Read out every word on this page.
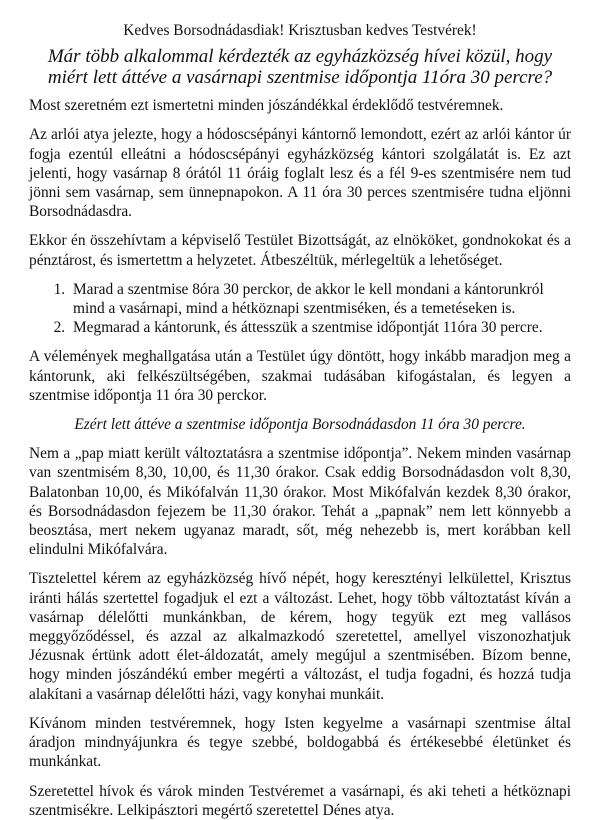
Kedves Borsodnádasdiak! Krisztusban kedves Testvérek!
Már több alkalommal kérdezték az egyházközség hívei közül, hogy miért lett áttéve a vasárnapi szentmise időpontja 11óra 30 percre?

Most szeretném ezt ismertetni minden jószándékkal érdeklődő testvéremnek.

Az arlói atya jelezte, hogy a hódoscsépányi kántornő lemondott, ezért az arlói kántor úr fogja ezentúl elleátni a hódoscsépányi egyházközség kántori szolgálatát is. Ez azt jelenti, hogy vasárnap 8 órától 11 óráig foglalt lesz és a fél 9-es szentmisére nem tud jönni sem vasárnap, sem ünnepnapokon. A 11 óra 30 perces szentmisére tudna eljönni Borsodnádasdra.

Ekkor én összehívtam a képviselő Testület Bizottságát, az elnököket, gondnokokat és a pénztárost, és ismertettm a helyzetet. Átbeszéltük, mérlegeltük a lehetőséget.

1. Marad a szentmise 8óra 30 perckor, de akkor le kell mondani a kántorunkról mind a vasárnapi, mind a hétköznapi szentmiséken, és a temetéseken is.
2. Megmarad a kántorunk, és áttesszük a szentmise időpontját 11óra 30 percre.

A vélemények meghallgatása után a Testület úgy döntött, hogy inkább maradjon meg a kántorunk, aki felkészültségében, szakmai tudásában kifogástalan, és legyen a szentmise időpontja 11 óra 30 perckor.

Ezért lett áttéve a szentmise időpontja Borsodnádasdon 11 óra 30 percre.

Nem a „pap miatt került változtatásra a szentmise időpontja”. Nekem minden vasárnap van szentmisém 8,30, 10,00, és 11,30 órakor. Csak eddig Borsodnádasdon volt 8,30, Balatonban 10,00, és Mikófalván 11,30 órakor. Most Mikófalván kezdek 8,30 órakor, és Borsodnádasdon fejezem be 11,30 órakor. Tehát a „papnak” nem lett könnyebb a beosztása, mert nekem ugyanaz maradt, sőt, még nehezebb is, mert korábban kell elindulni Mikófalvára.

Tisztelettel kérem az egyházközség hívő népét, hogy keresztényi lelkülettel, Krisztus iránti hálás szertettel fogadjuk el ezt a változást. Lehet, hogy több változtatást kíván a vasárnap délelőtti munkánkban, de kérem, hogy tegyük ezt meg vallásos meggyőződéssel, és azzal az alkalmazkodó szeretettel, amellyel viszonozhatjuk Jézusnak értünk adott élet-áldozatát, amely megújul a szentmisében. Bízom benne, hogy minden jószándékú ember megérti a változást, el tudja fogadni, és hozzá tudja alakítani a vasárnap délelőtti házi, vagy konyhai munkáit.

Kívánom minden testvéremnek, hogy Isten kegyelme a vasárnapi szentmise által áradjon mindnyájunkra és tegye szebbé, boldogabbá és értékesebbé életünket és munkánkat.

Szeretettel hívok és várok minden Testvéremet a vasárnapi, és aki teheti a hétköznapi szentmisékre. Lelkipásztori megértő szeretettel Dénes atya.
